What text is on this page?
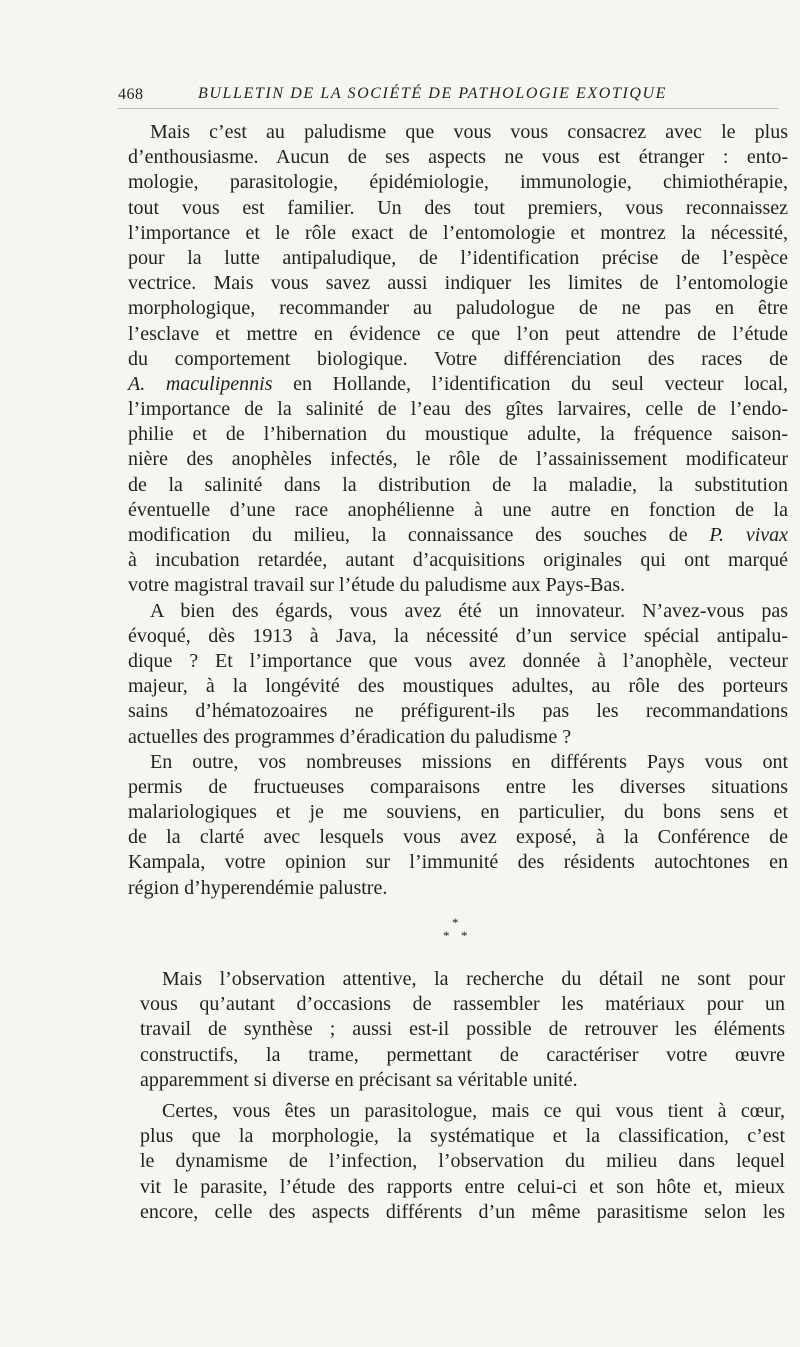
468	BULLETIN DE LA SOCIÉTÉ DE PATHOLOGIE EXOTIQUE
Mais c’est au paludisme que vous vous consacrez avec le plus
d’enthousiasme. Aucun de ses aspects ne vous est étranger : ento-
mologie, parasitologie, épidémiologie, immunologie, chimiothérapie,
tout vous est familier. Un des tout premiers, vous reconnaissez
l’importance et le rôle exact de l’entomologie et montrez la nécessité,
pour la lutte antipaludique, de l’identification précise de l’espèce
vectrice. Mais vous savez aussi indiquer les limites de l’entomologie
morphologique, recommander au paludologue de ne pas en être
l’esclave et mettre en évidence ce que l’on peut attendre de l’étude
du comportement biologique. Votre différenciation des races de
A. maculipennis en Hollande, l’identification du seul vecteur local,
l’importance de la salinité de l’eau des gîtes larvaires, celle de l’endo-
philie et de l’hibernation du moustique adulte, la fréquence saison-
nière des anophèles infectés, le rôle de l’assainissement modificateur
de la salinité dans la distribution de la maladie, la substitution
éventuelle d’une race anophélienne à une autre en fonction de la
modification du milieu, la connaissance des souches de P. vivax
à incubation retardée, autant d’acquisitions originales qui ont marqué
votre magistral travail sur l’étude du paludisme aux Pays-Bas.
A bien des égards, vous avez été un innovateur. N’avez-vous pas
évoqué, dès 1913 à Java, la nécessité d’un service spécial antipalu-
dique ? Et l’importance que vous avez donnée à l’anophèle, vecteur
majeur, à la longévité des moustiques adultes, au rôle des porteurs
sains d’hématozoaires ne préfigurent-ils pas les recommandations
actuelles des programmes d’éradication du paludisme ?
En outre, vos nombreuses missions en différents Pays vous ont
permis de fructueuses comparaisons entre les diverses situations
malariologiques et je me souviens, en particulier, du bons sens et
de la clarté avec lesquels vous avez exposé, à la Conférence de
Kampala, votre opinion sur l’immunité des résidents autochtones en
région d’hyperendémie palustre.
*
* *
Mais l’observation attentive, la recherche du détail ne sont pour
vous qu’autant d’occasions de rassembler les matériaux pour un
travail de synthèse ; aussi est-il possible de retrouver les éléments
constructifs, la trame, permettant de caractériser votre œuvre
apparemment si diverse en précisant sa véritable unité.
Certes, vous êtes un parasitologue, mais ce qui vous tient à cœur,
plus que la morphologie, la systématique et la classification, c’est
le dynamisme de l’infection, l’observation du milieu dans lequel
vit le parasite, l’étude des rapports entre celui-ci et son hôte et, mieux
encore, celle des aspects différents d’un même parasitisme selon les
